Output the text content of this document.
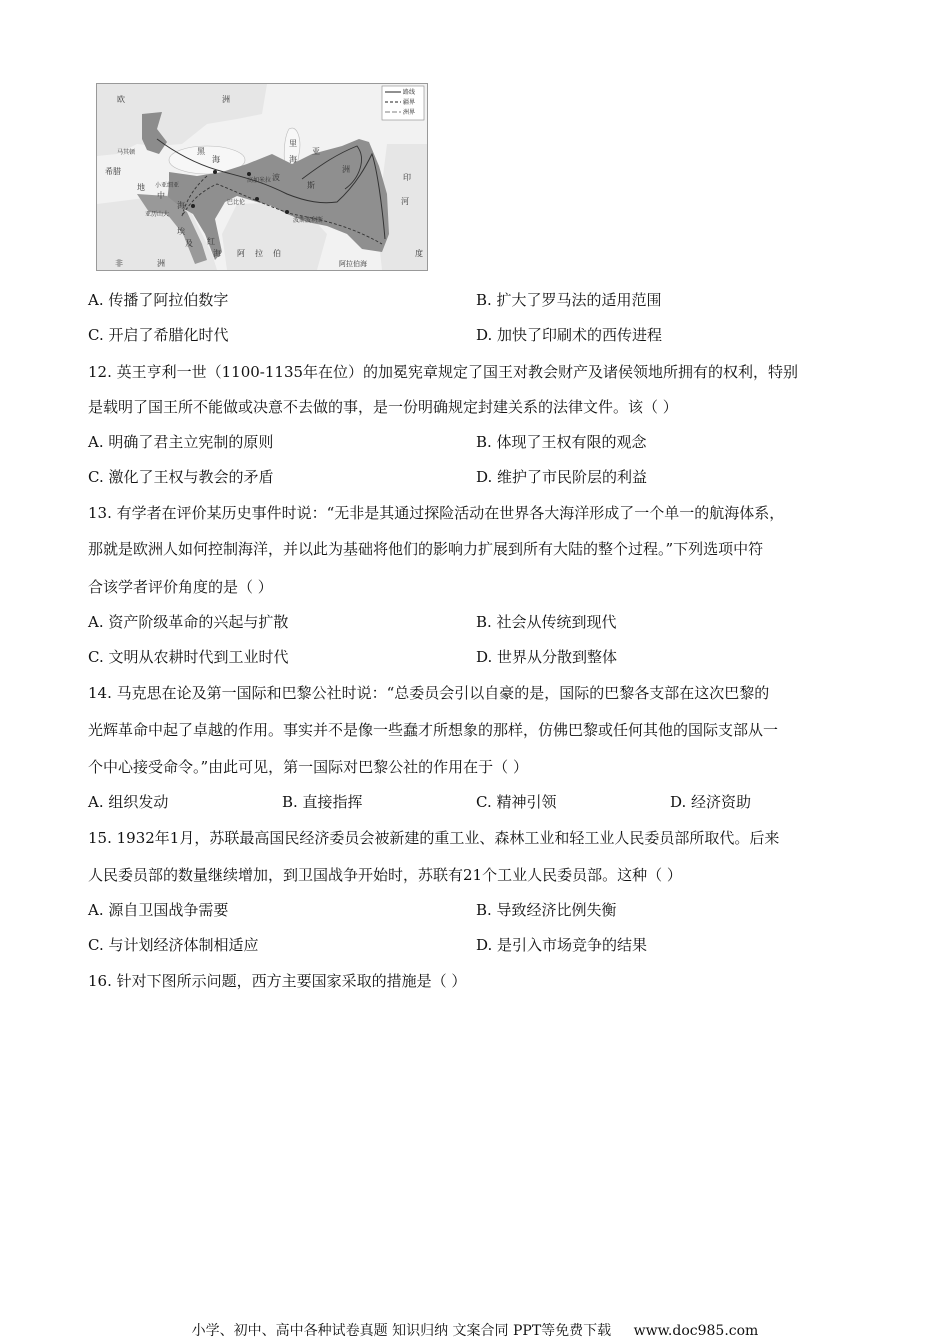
路线
疆界
洲界
欧	洲
黑
海
里
海
希腊
小亚细亚
马其顿
地
中
海
亚历山大
巴比伦
高加米拉
波斯波利斯
波
斯
亚
洲
埃
及 红
海 阿 拉 伯
非	洲	阿拉伯海
印
度
河
A. 传播了阿拉伯数字	B. 扩大了罗马法的适用范围
C. 开启了希腊化时代	D. 加快了印刷术的西传进程
12. 英王亨利一世（1100-1135年在位）的加冕宪章规定了国王对教会财产及诸侯领地所拥有的权利，特别
是载明了国王所不能做或决意不去做的事，是一份明确规定封建关系的法律文件。该（ ）
A. 明确了君主立宪制的原则	B. 体现了王权有限的观念
C. 激化了王权与教会的矛盾	D. 维护了市民阶层的利益
13. 有学者在评价某历史事件时说：“无非是其通过探险活动在世界各大海洋形成了一个单一的航海体系，
那就是欧洲人如何控制海洋，并以此为基础将他们的影响力扩展到所有大陆的整个过程。”下列选项中符
合该学者评价角度的是（ ）
A. 资产阶级革命的兴起与扩散	B. 社会从传统到现代
C. 文明从农耕时代到工业时代	D. 世界从分散到整体
14. 马克思在论及第一国际和巴黎公社时说：“总委员会引以自豪的是，国际的巴黎各支部在这次巴黎的
光辉革命中起了卓越的作用。事实并不是像一些蠢才所想象的那样，仿佛巴黎或任何其他的国际支部从一
个中心接受命令。”由此可见，第一国际对巴黎公社的作用在于（ ）
A. 组织发动	B. 直接指挥	C. 精神引领	D. 经济资助
15. 1932年1月，苏联最高国民经济委员会被新建的重工业、森林工业和轻工业人民委员部所取代。后来
人民委员部的数量继续增加，到卫国战争开始时，苏联有21个工业人民委员部。这种（ ）
A. 源自卫国战争需要	B. 导致经济比例失衡
C. 与计划经济体制相适应	D. 是引入市场竞争的结果
16. 针对下图所示问题，西方主要国家采取的措施是（ ）
小学、初中、高中各种试卷真题 知识归纳 文案合同 PPT等免费下载 www.doc985.com
